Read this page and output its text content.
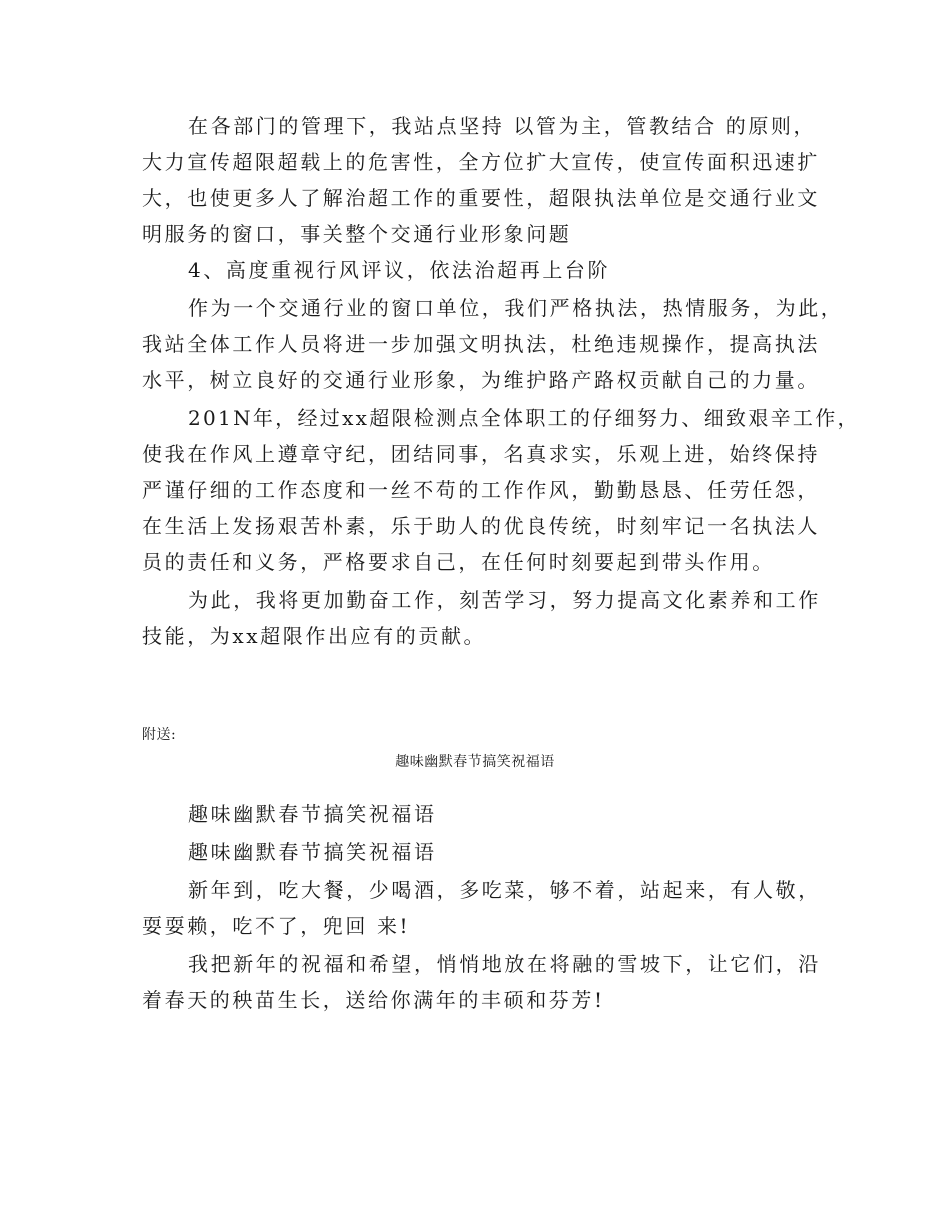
在各部门的管理下，我站点坚持 以管为主，管教结合 的原则，
大力宣传超限超载上的危害性，全方位扩大宣传，使宣传面积迅速扩
大，也使更多人了解治超工作的重要性，超限执法单位是交通行业文
明服务的窗口，事关整个交通行业形象问题
4、高度重视行风评议，依法治超再上台阶
作为一个交通行业的窗口单位，我们严格执法，热情服务，为此，
我站全体工作人员将进一步加强文明执法，杜绝违规操作，提高执法
水平，树立良好的交通行业形象，为维护路产路权贡献自己的力量。
201N年，经过xx超限检测点全体职工的仔细努力、细致艰辛工作，
使我在作风上遵章守纪，团结同事，名真求实，乐观上进，始终保持
严谨仔细的工作态度和一丝不苟的工作作风，勤勤恳恳、任劳任怨，
在生活上发扬艰苦朴素，乐于助人的优良传统，时刻牢记一名执法人
员的责任和义务，严格要求自己，在任何时刻要起到带头作用。
为此，我将更加勤奋工作，刻苦学习，努力提高文化素养和工作
技能，为xx超限作出应有的贡献。
附送:
趣味幽默春节搞笑祝福语
趣味幽默春节搞笑祝福语
趣味幽默春节搞笑祝福语
新年到，吃大餐，少喝酒，多吃菜，够不着，站起来，有人敬，
耍耍赖，吃不了，兜回 来!
我把新年的祝福和希望，悄悄地放在将融的雪坡下，让它们，沿
着春天的秧苗生长，送给你满年的丰硕和芬芳!
